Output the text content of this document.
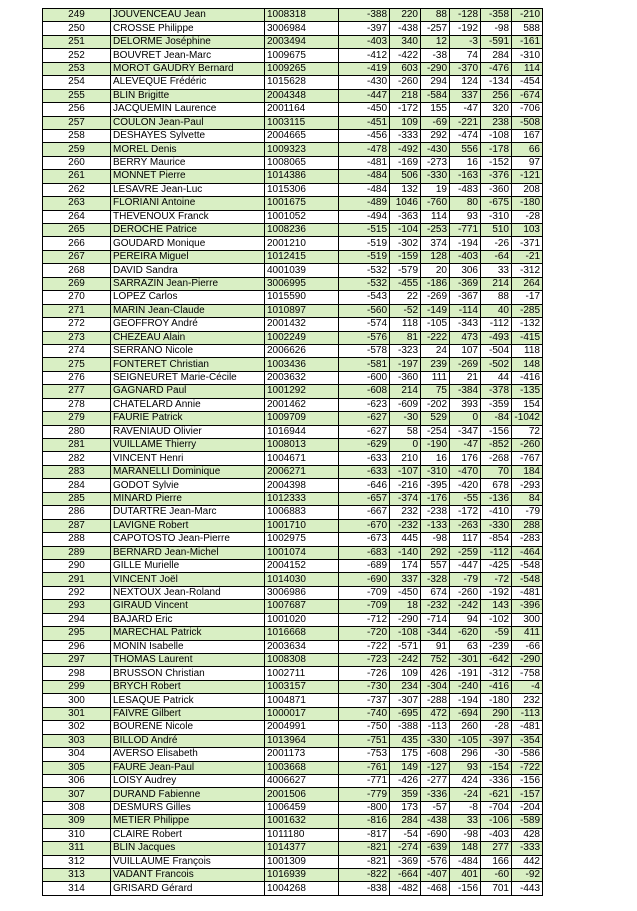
249	JOUVENCEAU Jean	1008318	-388	220	88	-128	-358	-210
250	CROSSE Philippe	3006984	-397	-438	-257	-192	-98	588
251	DELORME Joséphine	2003494	-403	340	12	-3	-591	-161
252	BOUVRET Jean-Marc	1009675	-412	-422	-38	74	284	-310
253	MOROT GAUDRY Bernard	1009265	-419	603	-290	-370	-476	114
254	ALEVEQUE Frédéric	1015628	-430	-260	294	124	-134	-454
255	BLIN Brigitte	2004348	-447	218	-584	337	256	-674
256	JACQUEMIN Laurence	2001164	-450	-172	155	-47	320	-706
257	COULON Jean-Paul	1003115	-451	109	-69	-221	238	-508
258	DESHAYES Sylvette	2004665	-456	-333	292	-474	-108	167
259	MOREL Denis	1009323	-478	-492	-430	556	-178	66
260	BERRY Maurice	1008065	-481	-169	-273	16	-152	97
261	MONNET Pierre	1014386	-484	506	-330	-163	-376	-121
262	LESAVRE Jean-Luc	1015306	-484	132	19	-483	-360	208
263	FLORIANI Antoine	1001675	-489	1046	-760	80	-675	-180
264	THEVENOUX Franck	1001052	-494	-363	114	93	-310	-28
265	DEROCHE Patrice	1008236	-515	-104	-253	-771	510	103
266	GOUDARD Monique	2001210	-519	-302	374	-194	-26	-371
267	PEREIRA Miguel	1012415	-519	-159	128	-403	-64	-21
268	DAVID Sandra	4001039	-532	-579	20	306	33	-312
269	SARRAZIN Jean-Pierre	3006995	-532	-455	-186	-369	214	264
270	LOPEZ Carlos	1015590	-543	22	-269	-367	88	-17
271	MARIN Jean-Claude	1010897	-560	-52	-149	-114	40	-285
272	GEOFFROY André	2001432	-574	118	-105	-343	-112	-132
273	CHEZEAU Alain	1002249	-576	81	-222	473	-493	-415
274	SERRANO Nicole	2006626	-578	-323	24	107	-504	118
275	FONTERET Christian	1003436	-581	-197	239	-269	-502	148
276	SEIGNEURET Marie-Cécile	2003632	-600	-360	111	21	44	-416
277	GAGNARD Paul	1001292	-608	214	75	-384	-378	-135
278	CHATELARD Annie	2001462	-623	-609	-202	393	-359	154
279	FAURIE Patrick	1009709	-627	-30	529	0	-84	-1042
280	RAVENIAUD Olivier	1016944	-627	58	-254	-347	-156	72
281	VUILLAME Thierry	1008013	-629	0	-190	-47	-852	-260
282	VINCENT Henri	1004671	-633	210	16	176	-268	-767
283	MARANELLI Dominique	2006271	-633	-107	-310	-470	70	184
284	GODOT Sylvie	2004398	-646	-216	-395	-420	678	-293
285	MINARD Pierre	1012333	-657	-374	-176	-55	-136	84
286	DUTARTRE Jean-Marc	1006883	-667	232	-238	-172	-410	-79
287	LAVIGNE Robert	1001710	-670	-232	-133	-263	-330	288
288	CAPOTOSTO Jean-Pierre	1002975	-673	445	-98	117	-854	-283
289	BERNARD Jean-Michel	1001074	-683	-140	292	-259	-112	-464
290	GILLE Murielle	2004152	-689	174	557	-447	-425	-548
291	VINCENT Joël	1014030	-690	337	-328	-79	-72	-548
292	NEXTOUX Jean-Roland	3006986	-709	-450	674	-260	-192	-481
293	GIRAUD Vincent	1007687	-709	18	-232	-242	143	-396
294	BAJARD Eric	1001020	-712	-290	-714	94	-102	300
295	MARECHAL Patrick	1016668	-720	-108	-344	-620	-59	411
296	MONIN Isabelle	2003634	-722	-571	91	63	-239	-66
297	THOMAS Laurent	1008308	-723	-242	752	-301	-642	-290
298	BRUSSON Christian	1002711	-726	109	426	-191	-312	-758
299	BRYCH Robert	1003157	-730	234	-304	-240	-416	-4
300	LESAQUE Patrick	1004871	-737	-307	-288	-194	-180	232
301	FAIVRE Gilbert	1000017	-740	-695	472	-694	290	-113
302	BOURENE Nicole	2004991	-750	-388	-113	260	-28	-481
303	BILLOD André	1013964	-751	435	-330	-105	-397	-354
304	AVERSO Elisabeth	2001173	-753	175	-608	296	-30	-586
305	FAURE Jean-Paul	1003668	-761	149	-127	93	-154	-722
306	LOISY Audrey	4006627	-771	-426	-277	424	-336	-156
307	DURAND Fabienne	2001506	-779	359	-336	-24	-621	-157
308	DESMURS Gilles	1006459	-800	173	-57	-8	-704	-204
309	METIER Philippe	1001632	-816	284	-438	33	-106	-589
310	CLAIRE Robert	1011180	-817	-54	-690	-98	-403	428
311	BLIN Jacques	1014377	-821	-274	-639	148	277	-333
312	VUILLAUME François	1001309	-821	-369	-576	-484	166	442
313	VADANT Francois	1016939	-822	-664	-407	401	-60	-92
314	GRISARD Gérard	1004268	-838	-482	-468	-156	701	-443
